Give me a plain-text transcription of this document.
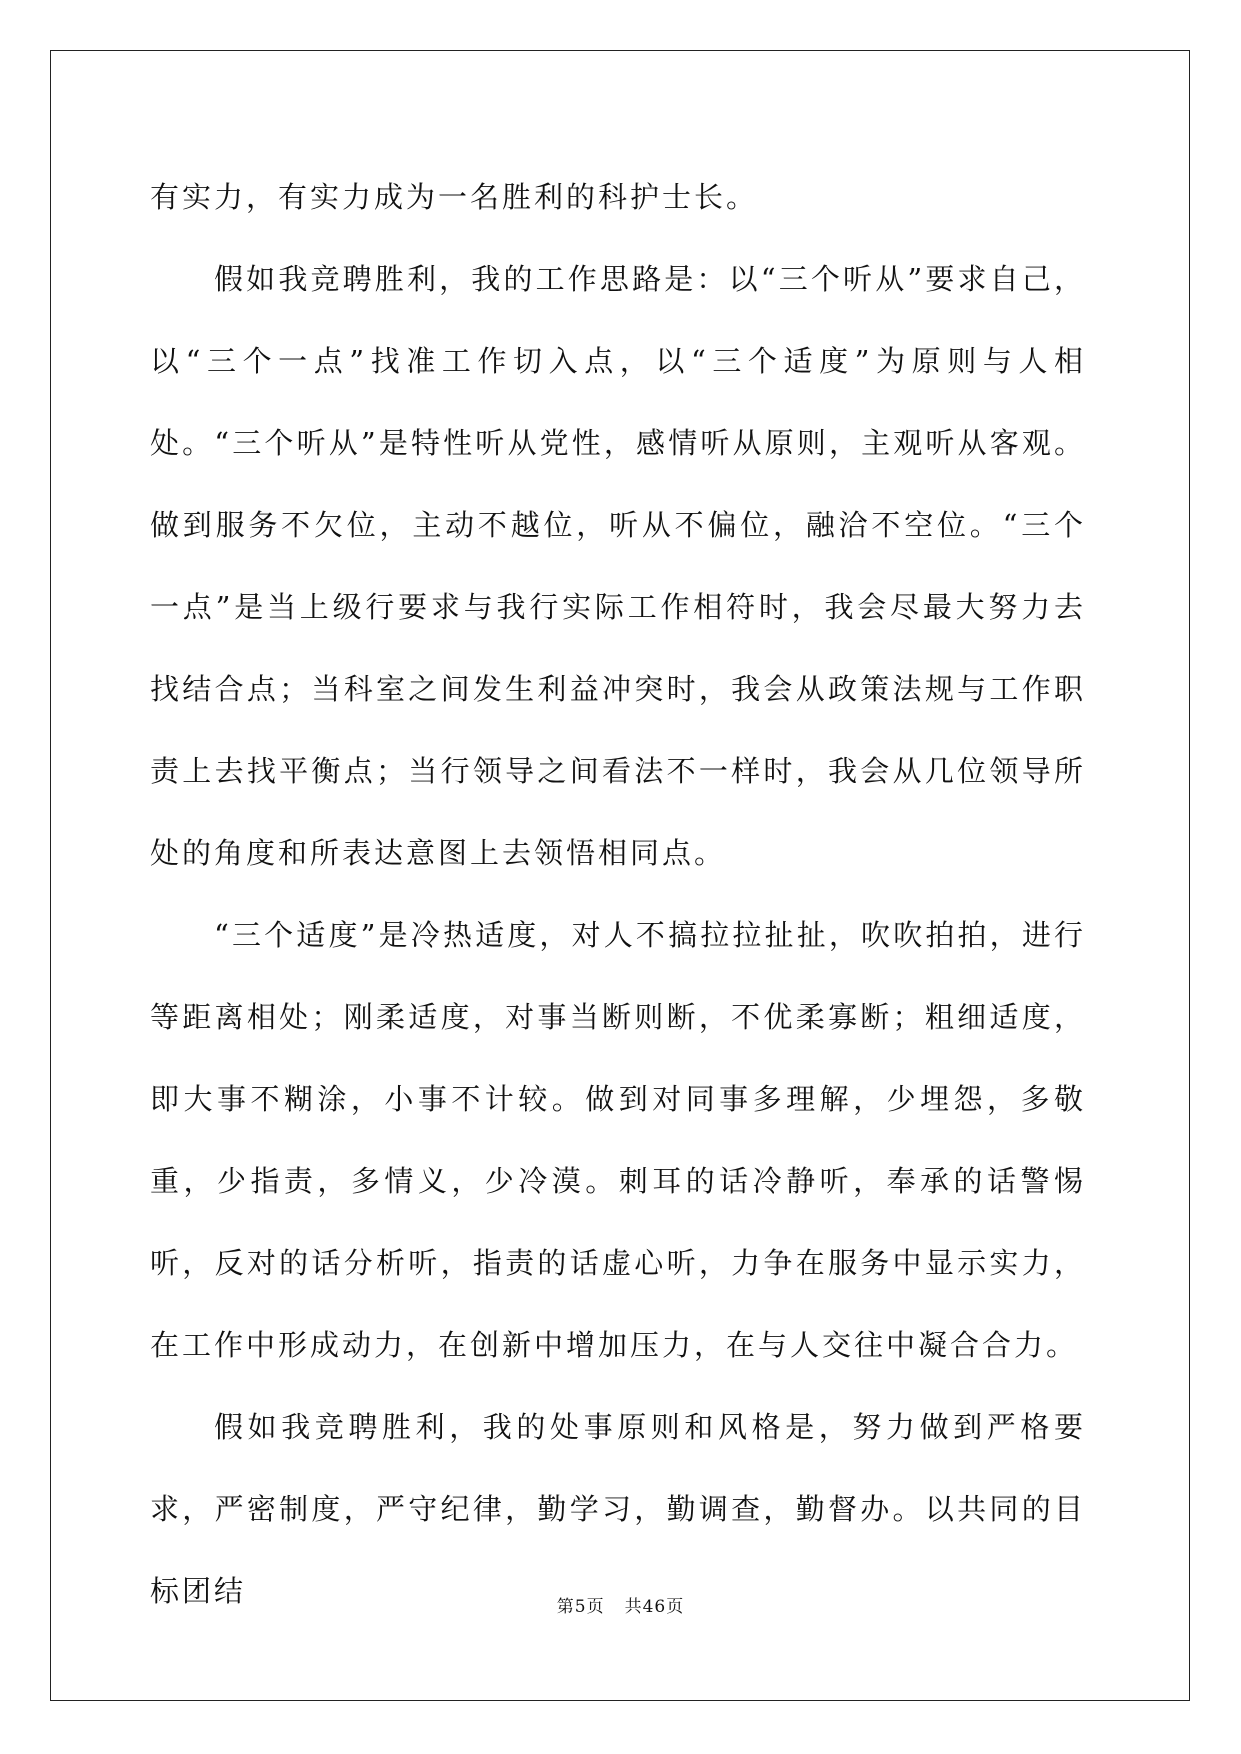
有实力，有实力成为一名胜利的科护士长。

假如我竞聘胜利，我的工作思路是：以“三个听从”要求自己，以“三个一点”找准工作切入点，以“三个适度”为原则与人相处。“三个听从”是特性听从党性，感情听从原则，主观听从客观。做到服务不欠位，主动不越位，听从不偏位，融洽不空位。“三个一点”是当上级行要求与我行实际工作相符时，我会尽最大努力去找结合点；当科室之间发生利益冲突时，我会从政策法规与工作职责上去找平衡点；当行领导之间看法不一样时，我会从几位领导所处的角度和所表达意图上去领悟相同点。

“三个适度”是冷热适度，对人不搞拉拉扯扯，吹吹拍拍，进行等距离相处；刚柔适度，对事当断则断，不优柔寡断；粗细适度，即大事不糊涂，小事不计较。做到对同事多理解，少埋怨，多敬重，少指责，多情义，少冷漠。刺耳的话冷静听，奉承的话警惕听，反对的话分析听，指责的话虚心听，力争在服务中显示实力，在工作中形成动力，在创新中增加压力，在与人交往中凝合合力。

假如我竞聘胜利，我的处事原则和风格是，努力做到严格要求，严密制度，严守纪律，勤学习，勤调查，勤督办。以共同的目标团结	第5页 共46页
